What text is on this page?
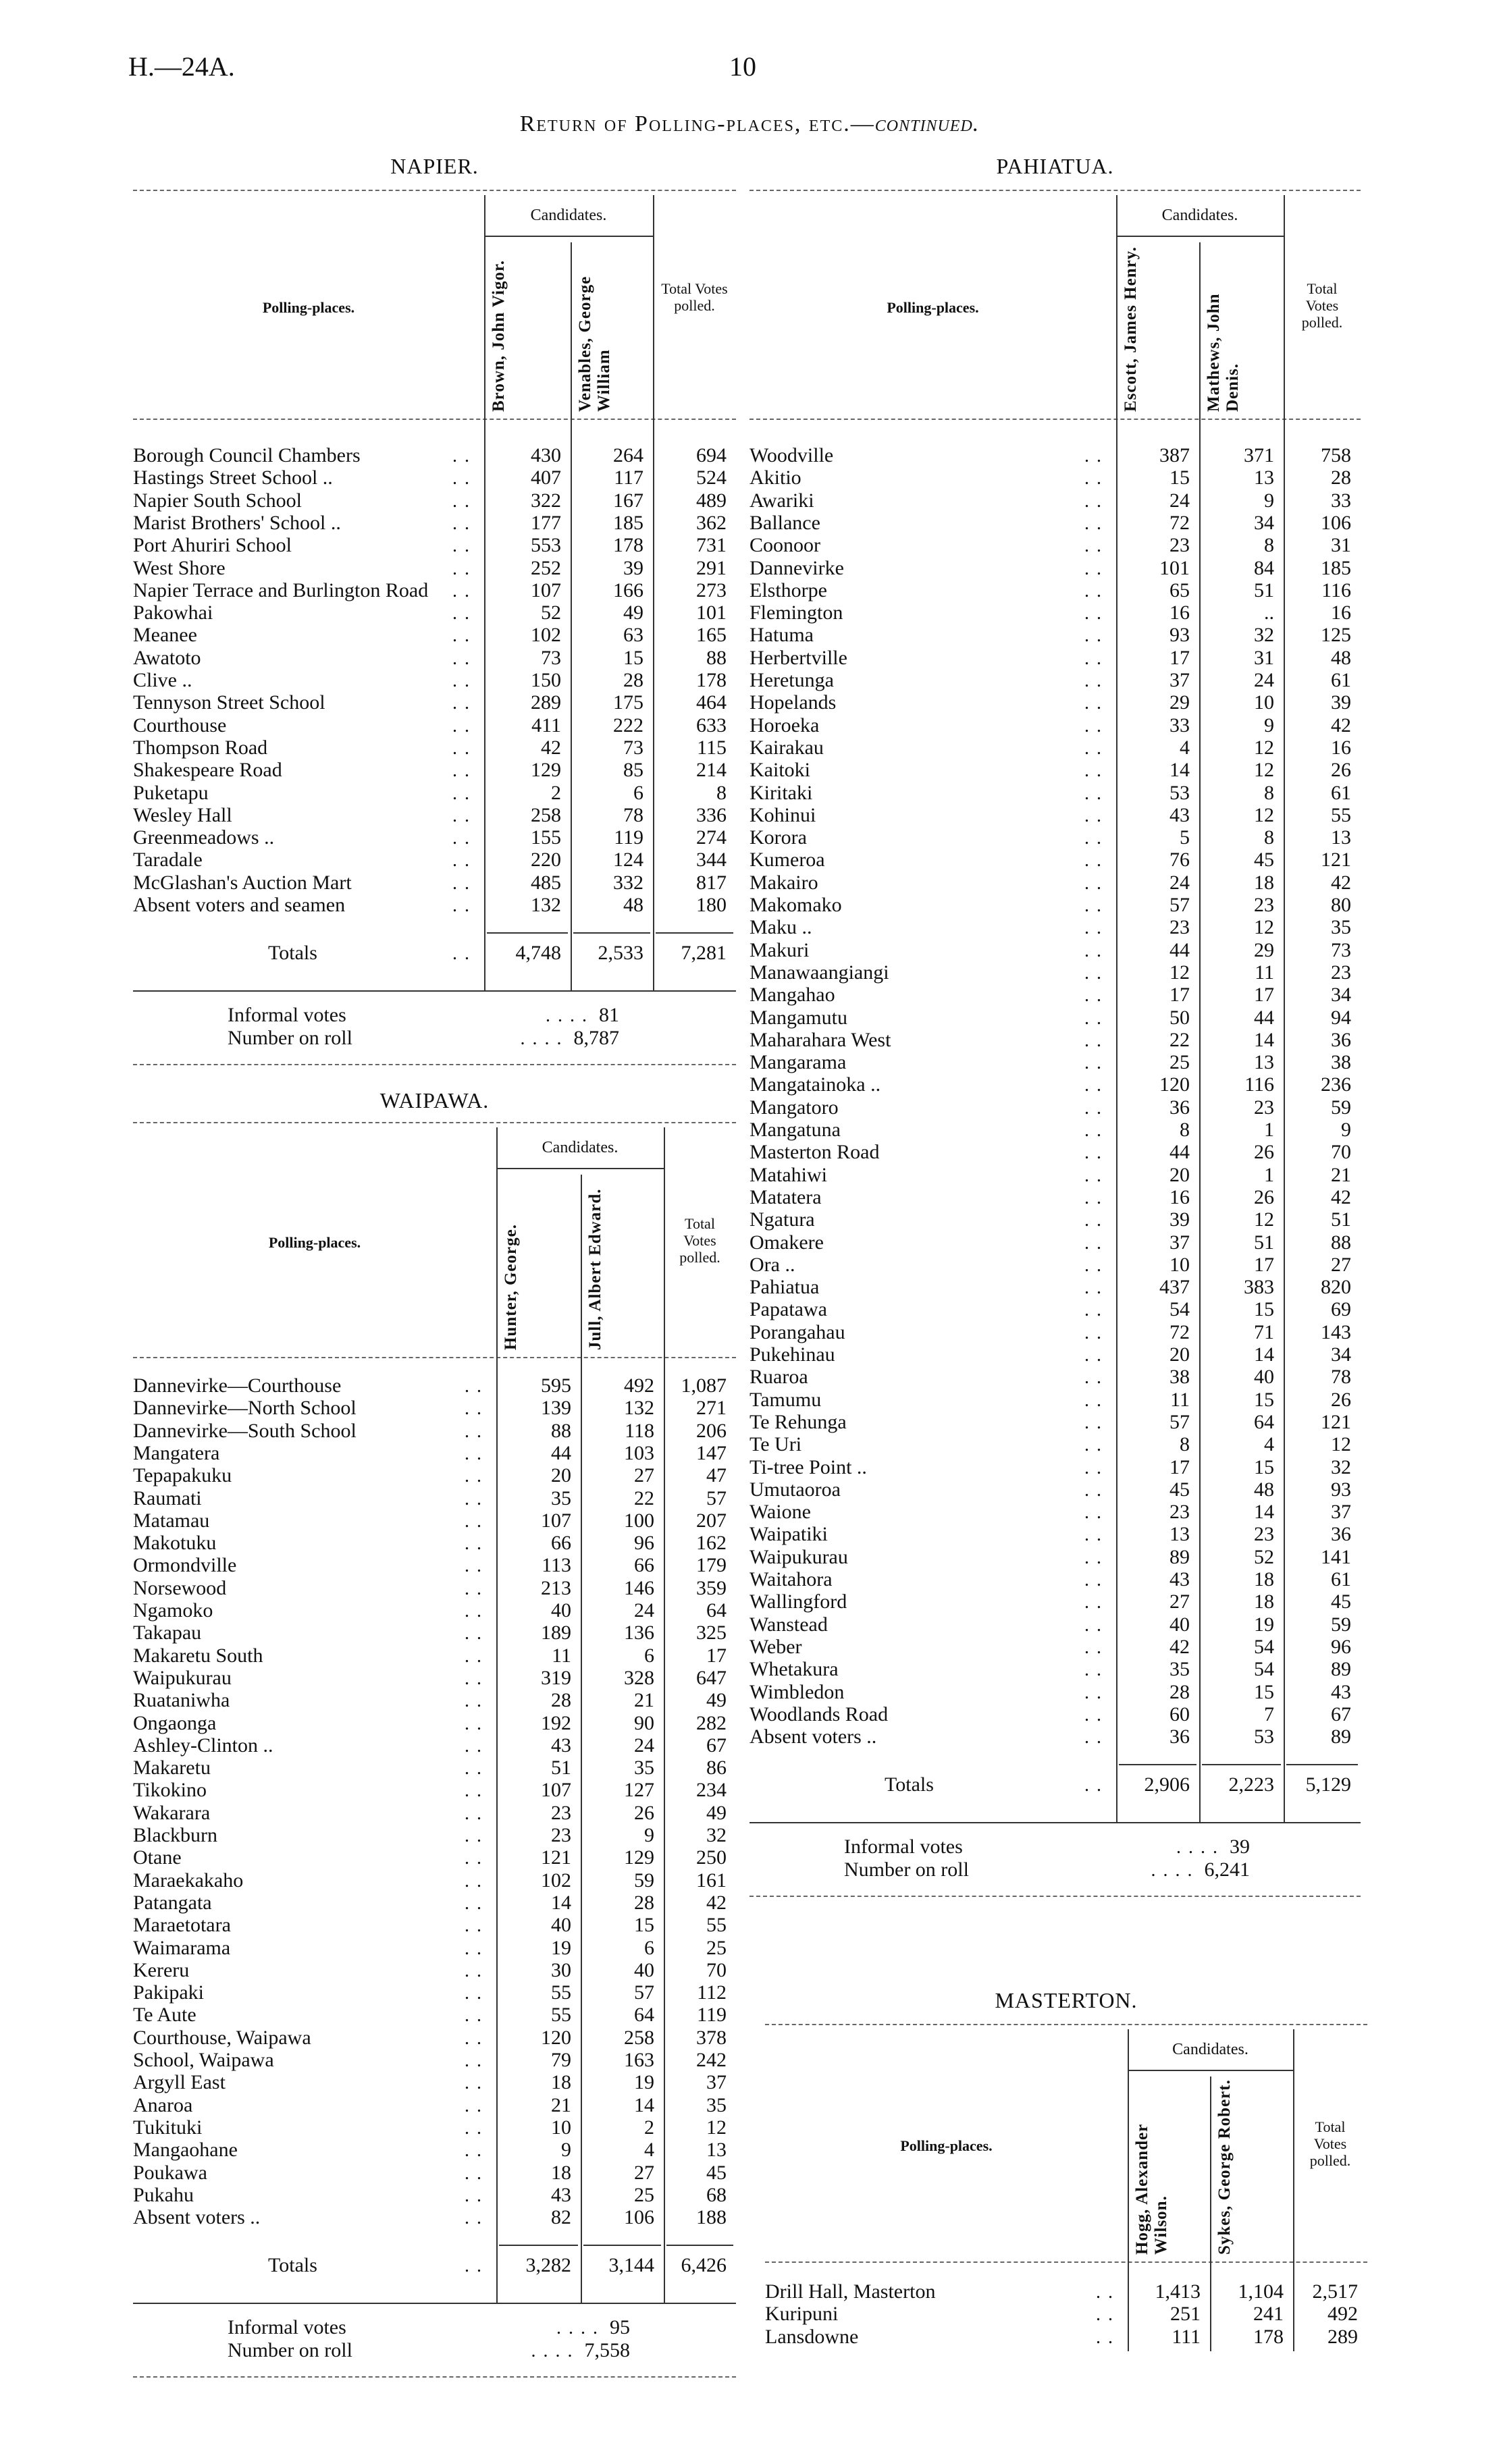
H.—24A.	10
Return of Polling-places, etc.—continued.
NAPIER.
Polling-places.
Candidates.
Brown, John Vigor.	Venables, George William
Total Votes polled.
Borough Council Chambers	. .	430	264	694
Hastings Street School ..	. .	407	117	524
Napier South School	. .	322	167	489
Marist Brothers' School ..	. .	177	185	362
Port Ahuriri School	. .	553	178	731
West Shore	. .	252	39	291
Napier Terrace and Burlington Road	. .	107	166	273
Pakowhai	. .	52	49	101
Meanee	. .	102	63	165
Awatoto	. .	73	15	88
Clive ..	. .	150	28	178
Tennyson Street School	. .	289	175	464
Courthouse	. .	411	222	633
Thompson Road	. .	42	73	115
Shakespeare Road	. .	129	85	214
Puketapu	. .	2	6	8
Wesley Hall	. .	258	78	336
Greenmeadows ..	. .	155	119	274
Taradale	. .	220	124	344
McGlashan's Auction Mart	. .	485	332	817
Absent voters and seamen	. .	132	48	180
Totals	. .	4,748	2,533	7,281
Informal votes	. . . . 81
Number on roll	. . . . 8,787
WAIPAWA.
Polling-places.
Candidates.
Hunter, George.	Jull, Albert Edward.	Total Votes polled.
Dannevirke—Courthouse	. .	595	492	1,087
Dannevirke—North School	. .	139	132	271
Dannevirke—South School	. .	88	118	206
Mangatera	. .	44	103	147
Tepapakuku	. .	20	27	47
Raumati	. .	35	22	57
Matamau	. .	107	100	207
Makotuku	. .	66	96	162
Ormondville	. .	113	66	179
Norsewood	. .	213	146	359
Ngamoko	. .	40	24	64
Takapau	. .	189	136	325
Makaretu South	. .	11	6	17
Waipukurau	. .	319	328	647
Ruataniwha	. .	28	21	49
Ongaonga	. .	192	90	282
Ashley-Clinton ..	. .	43	24	67
Makaretu	. .	51	35	86
Tikokino	. .	107	127	234
Wakarara	. .	23	26	49
Blackburn	. .	23	9	32
Otane	. .	121	129	250
Maraekakaho	. .	102	59	161
Patangata	. .	14	28	42
Maraetotara	. .	40	15	55
Waimarama	. .	19	6	25
Kereru	. .	30	40	70
Pakipaki	. .	55	57	112
Te Aute	. .	55	64	119
Courthouse, Waipawa	. .	120	258	378
School, Waipawa	. .	79	163	242
Argyll East	. .	18	19	37
Anaroa	. .	21	14	35
Tukituki	. .	10	2	12
Mangaohane	. .	9	4	13
Poukawa	. .	18	27	45
Pukahu	. .	43	25	68
Absent voters ..	. .	82	106	188
Totals	. .	3,282	3,144	6,426
Informal votes	. . . . 95
Number on roll	. . . . 7,558
PAHIATUA.
Polling-places.
Candidates.
Escott, James Henry.	Mathews, John Denis.
Total Votes polled.
Woodville	. .	387	371	758
Akitio	. .	15	13	28
Awariki	. .	24	9	33
Ballance	. .	72	34	106
Coonoor	. .	23	8	31
Dannevirke	. .	101	84	185
Elsthorpe	. .	65	51	116
Flemington	. .	16	..	16
Hatuma	. .	93	32	125
Herbertville	. .	17	31	48
Heretunga	. .	37	24	61
Hopelands	. .	29	10	39
Horoeka	. .	33	9	42
Kairakau	. .	4	12	16
Kaitoki	. .	14	12	26
Kiritaki	. .	53	8	61
Kohinui	. .	43	12	55
Korora	. .	5	8	13
Kumeroa	. .	76	45	121
Makairo	. .	24	18	42
Makomako	. .	57	23	80
Maku ..	. .	23	12	35
Makuri	. .	44	29	73
Manawaangiangi	. .	12	11	23
Mangahao	. .	17	17	34
Mangamutu	. .	50	44	94
Maharahara West	. .	22	14	36
Mangarama	. .	25	13	38
Mangatainoka ..	. .	120	116	236
Mangatoro	. .	36	23	59
Mangatuna	. .	8	1	9
Masterton Road	. .	44	26	70
Matahiwi	. .	20	1	21
Matatera	. .	16	26	42
Ngatura	. .	39	12	51
Omakere	. .	37	51	88
Ora ..	. .	10	17	27
Pahiatua	. .	437	383	820
Papatawa	. .	54	15	69
Porangahau	. .	72	71	143
Pukehinau	. .	20	14	34
Ruaroa	. .	38	40	78
Tamumu	. .	11	15	26
Te Rehunga	. .	57	64	121
Te Uri	. .	8	4	12
Ti-tree Point ..	. .	17	15	32
Umutaoroa	. .	45	48	93
Waione	. .	23	14	37
Waipatiki	. .	13	23	36
Waipukurau	. .	89	52	141
Waitahora	. .	43	18	61
Wallingford	. .	27	18	45
Wanstead	. .	40	19	59
Weber	. .	42	54	96
Whetakura	. .	35	54	89
Wimbledon	. .	28	15	43
Woodlands Road	. .	60	7	67
Absent voters ..	. .	36	53	89
Totals	. .	2,906	2,223	5,129
Informal votes	. . . . 39
Number on roll	. . . . 6,241
MASTERTON.
Polling-places.
Candidates.
Hogg, Alexander Wilson.	Sykes, George Robert.	Total Votes polled.
Drill Hall, Masterton	. .	1,413	1,104	2,517
Kuripuni	. .	251	241	492
Lansdowne	. .	111	178	289
